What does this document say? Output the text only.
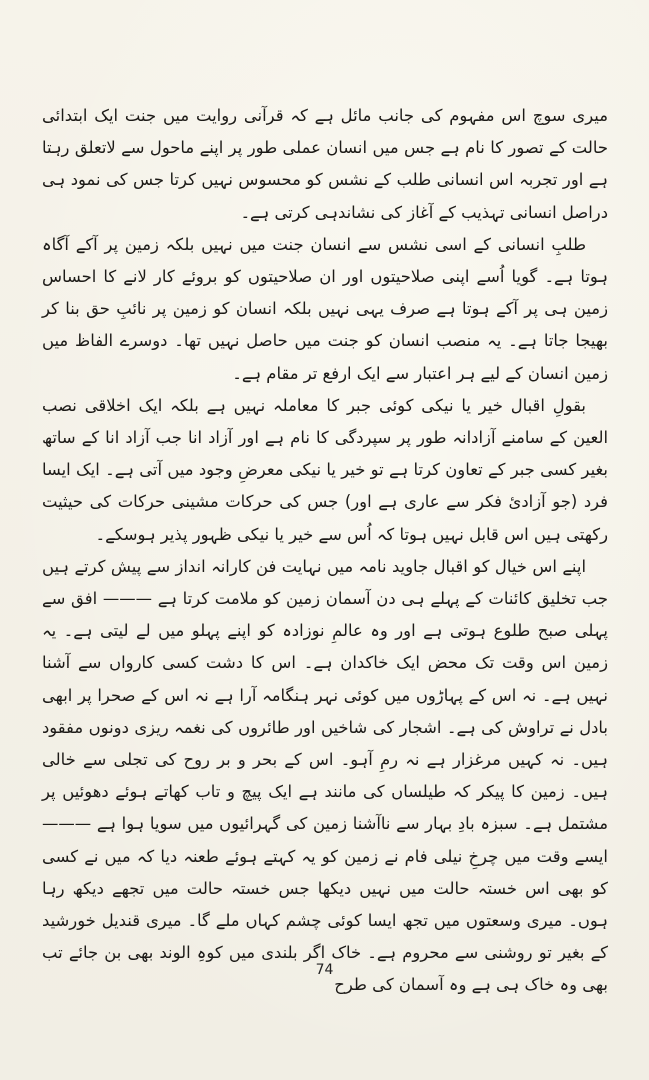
میری سوچ اس مفہوم کی جانب مائل ہے کہ قرآنی روایت میں جنت ایک ابتدائی حالت کے تصور کا نام ہے جس میں انسان عملی طور پر اپنے ماحول سے لاتعلق رہتا ہے اور تجربہ اس انسانی طلب کے نشس کو محسوس نہیں کرتا جس کی نمود ہی دراصل انسانی تہذیب کے آغاز کی نشاندہی کرتی ہے۔

طلبِ انسانی کے اسی نشس سے انسان جنت میں نہیں بلکہ زمین پر آکے آگاہ ہوتا ہے۔ گویا اُسے اپنی صلاحیتوں اور ان صلاحیتوں کو بروئے کار لانے کا احساس زمین ہی پر آکے ہوتا ہے صرف یہی نہیں بلکہ انسان کو زمین پر نائبِ حق بنا کر بھیجا جاتا ہے۔ یہ منصب انسان کو جنت میں حاصل نہیں تھا۔ دوسرے الفاظ میں زمین انسان کے لیے ہر اعتبار سے ایک ارفع تر مقام ہے۔

بقولِ اقبال خیر یا نیکی کوئی جبر کا معاملہ نہیں ہے بلکہ ایک اخلاقی نصب العین کے سامنے آزادانہ طور پر سپردگی کا نام ہے اور آزاد انا جب آزاد انا کے ساتھ بغیر کسی جبر کے تعاون کرتا ہے تو خیر یا نیکی معرضِ وجود میں آتی ہے۔ ایک ایسا فرد (جو آزادیٔ فکر سے عاری ہے اور) جس کی حرکات مشینی حرکات کی حیثیت رکھتی ہیں اس قابل نہیں ہوتا کہ اُس سے خیر یا نیکی ظہور پذیر ہوسکے۔

اپنے اس خیال کو اقبال جاوید نامہ میں نہایت فن کارانہ انداز سے پیش کرتے ہیں جب تخلیق کائنات کے پہلے ہی دن آسمان زمین کو ملامت کرتا ہے ——— افق سے پہلی صبح طلوع ہوتی ہے اور وہ عالمِ نوزادہ کو اپنے پہلو میں لے لیتی ہے۔ یہ زمین اس وقت تک محض ایک خاکدان ہے۔ اس کا دشت کسی کارواں سے آشنا نہیں ہے۔ نہ اس کے پہاڑوں میں کوئی نہر ہنگامہ آرا ہے نہ اس کے صحرا پر ابھی بادل نے تراوش کی ہے۔ اشجار کی شاخیں اور طائروں کی نغمہ ریزی دونوں مفقود ہیں۔ نہ کہیں مرغزار ہے نہ رمِ آہو۔ اس کے بحر و بر روح کی تجلی سے خالی ہیں۔ زمین کا پیکر کہ طیلساں کی مانند ہے ایک پیچ و تاب کھاتے ہوئے دھوئیں پر مشتمل ہے۔ سبزہ بادِ بہار سے ناآشنا زمین کی گہرائیوں میں سویا ہوا ہے ——— ایسے وقت میں چرخِ نیلی فام نے زمین کو یہ کہتے ہوئے طعنہ دیا کہ میں نے کسی کو بھی اس خستہ حالت میں نہیں دیکھا جس خستہ حالت میں تجھے دیکھ رہا ہوں۔ میری وسعتوں میں تجھ ایسا کوئی چشم کہاں ملے گا۔ میری قندیل خورشید کے بغیر تو روشنی سے محروم ہے۔ خاک اگر بلندی میں کوہِ الوند بھی بن جائے تب بھی وہ خاک ہی ہے وہ آسمان کی طرح

74
